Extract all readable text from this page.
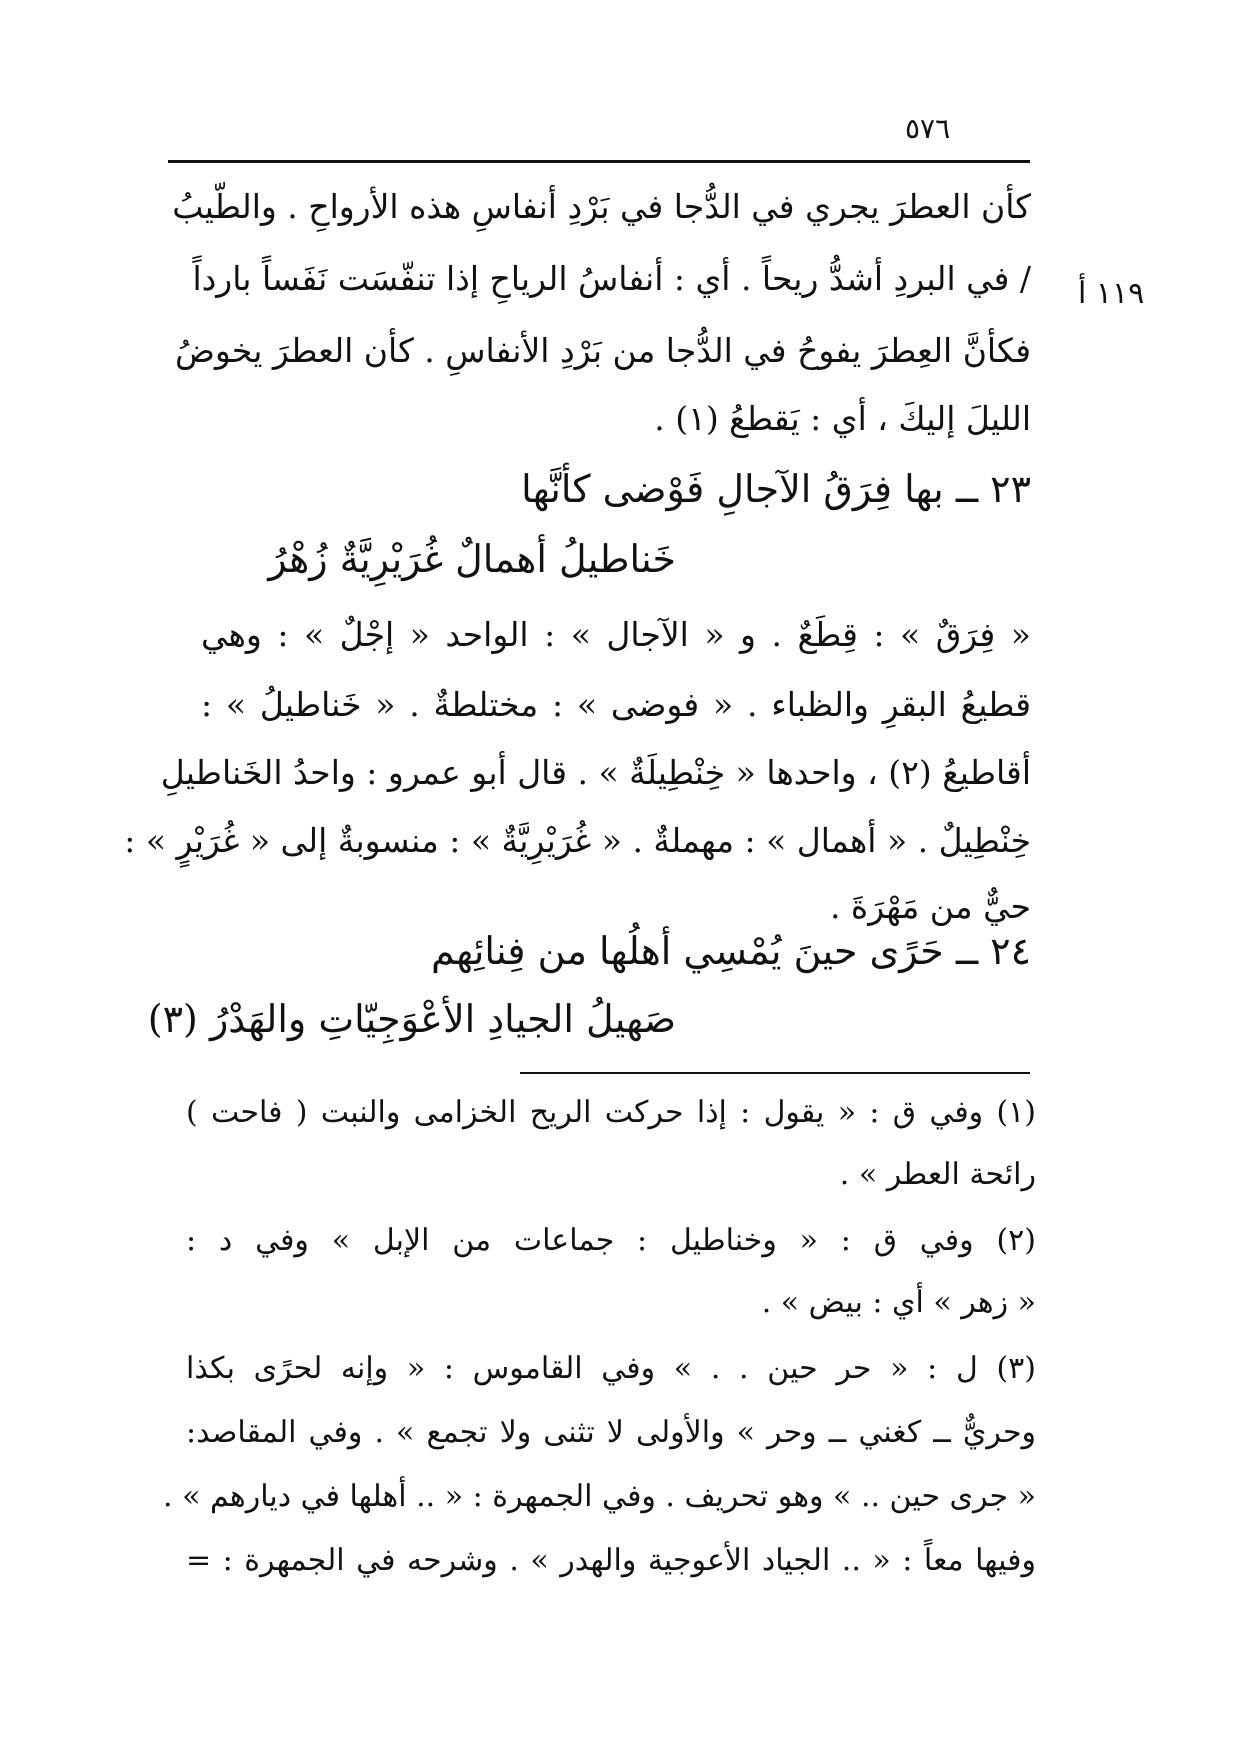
٥٧٦
كأن العطرَ يجري في الدُّجا في بَرْدِ أنفاسِ هذه الأرواحِ . والطّيبُ
/ في البردِ أشدُّ ريحاً . أي : أنفاسُ الرياحِ إذا تنفّسَت نَفَساً بارداً ١١٩ أ
فكأنَّ العِطرَ يفوحُ في الدُّجا من بَرْدِ الأنفاسِ . كأن العطرَ يخوضُ
الليلَ إليكَ ، أي : يَقطعُ (١) .
٢٣ ــ بها فِرَقُ الآجالِ فَوْضى كأنَّها
خَناطيلُ أهمالٌ غُرَيْرِيَّةٌ زُهْرُ
« فِرَقٌ » : قِطَعٌ . و « الآجال » : الواحد « إجْلٌ » : وهي
قطيعُ البقرِ والظباء . « فوضى » : مختلطةٌ . « خَناطيلُ » :
أقاطيعُ (٢) ، واحدها « خِنْطِيلَةٌ » . قال أبو عمرو : واحدُ الخَناطيلِ
خِنْطِيلٌ . « أهمال » : مهملةٌ . « غُرَيْرِيَّةٌ » : منسوبةٌ إلى « غُرَيْرٍ » :
حيٌّ من مَهْرَةَ .
٢٤ ــ حَرًى حينَ يُمْسِي أهلُها من فِنائِهم
صَهيلُ الجيادِ الأعْوَجِيّاتِ والهَدْرُ (٣)
(١) وفي ق : « يقول : إذا حركت الريح الخزامى والنبت ( فاحت )
رائحة العطر » .
(٢) وفي ق : « وخناطيل : جماعات من الإبل » وفي د :
« زهر » أي : بيض » .
(٣) ل : « حر حين . . » وفي القاموس : « وإنه لحرًى بكذا
وحريٌّ ــ كغني ــ وحر » والأولى لا تثنى ولا تجمع » . وفي المقاصد:
« جرى حين .. » وهو تحريف . وفي الجمهرة : « .. أهلها في ديارهم » .
وفيها معاً : « .. الجياد الأعوجية والهدر » . وشرحه في الجمهرة : =
